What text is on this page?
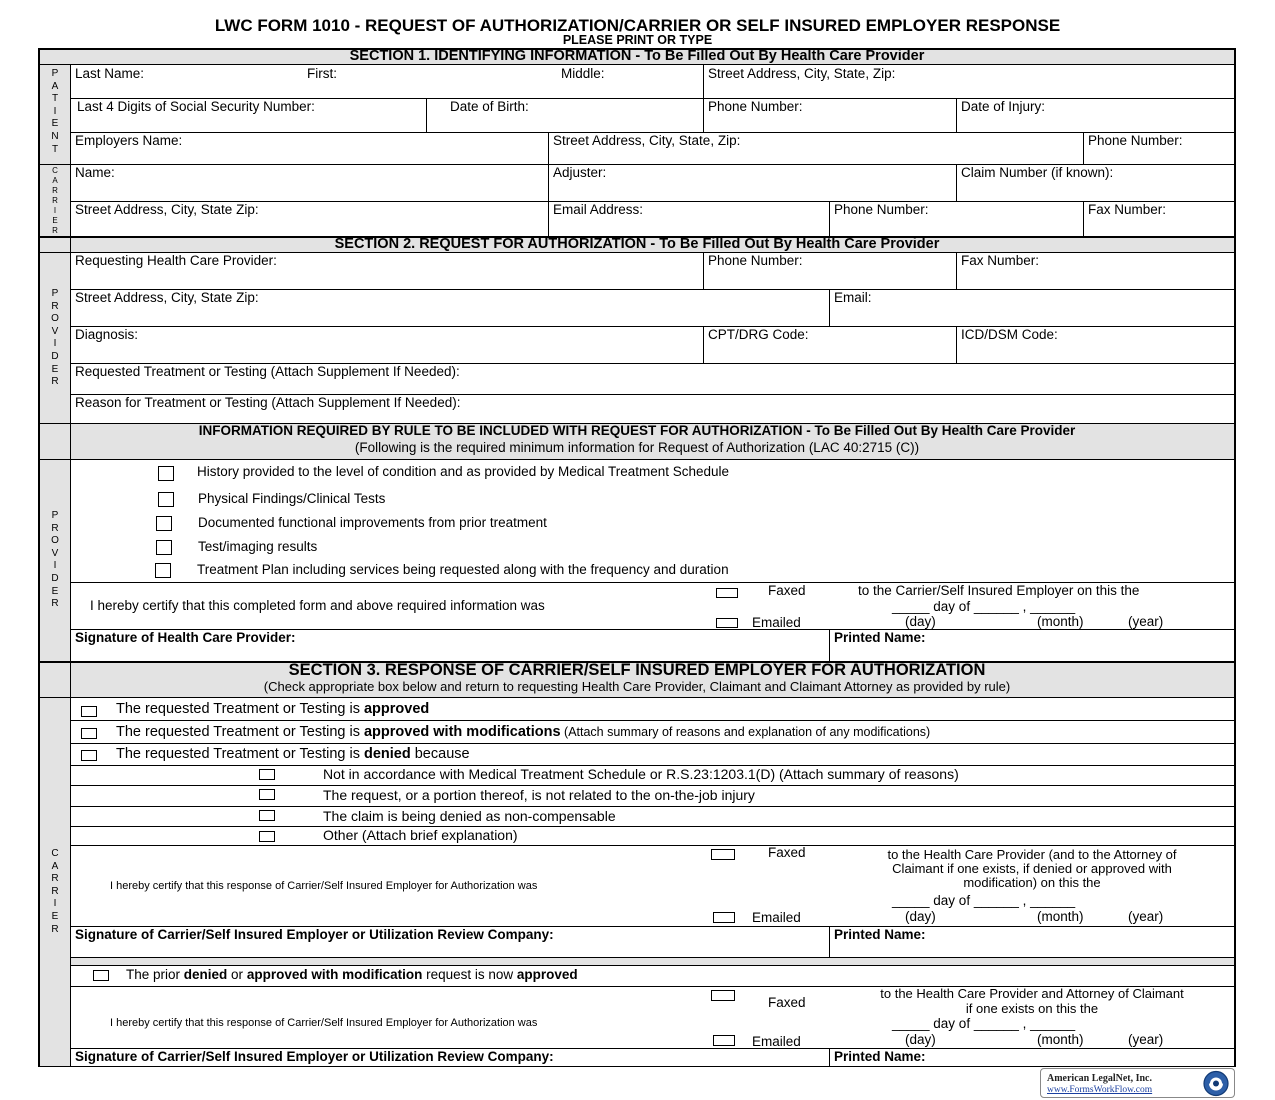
LWC FORM 1010 - REQUEST OF AUTHORIZATION/CARRIER OR SELF INSURED EMPLOYER RESPONSE
PLEASE PRINT OR TYPE
SECTION 1. IDENTIFYING INFORMATION - To Be Filled Out By Health Care Provider
PATIENT
CARRIER
Last Name:	First:	Middle:	Street Address, City, State, Zip:
Last 4 Digits of Social Security Number:	Date of Birth:	Phone Number:	Date of Injury:
Employers Name:	Street Address, City, State, Zip:	Phone Number:
Name:	Adjuster:	Claim Number (if known):
Street Address, City, State Zip:	Email Address:	Phone Number:	Fax Number:
SECTION 2. REQUEST FOR AUTHORIZATION - To Be Filled Out By Health Care Provider
PROVIDER
Requesting Health Care Provider:	Phone Number:	Fax Number:
Street Address, City, State Zip:	Email:
Diagnosis:	CPT/DRG Code:	ICD/DSM Code:
Requested Treatment or Testing (Attach Supplement If Needed):
Reason for Treatment or Testing (Attach Supplement If Needed):
INFORMATION REQUIRED BY RULE TO BE INCLUDED WITH REQUEST FOR AUTHORIZATION - To Be Filled Out By Health Care Provider
(Following is the required minimum information for Request of Authorization (LAC 40:2715 (C))
PROVIDER
History provided to the level of condition and as provided by Medical Treatment Schedule
Physical Findings/Clinical Tests
Documented functional improvements from prior treatment
Test/imaging results
Treatment Plan including services being requested along with the frequency and duration
I hereby certify that this completed form and above required information was
Faxed
Emailed
to the Carrier/Self Insured Employer on this the
_____ day of ______ , ______
(day)	(month)	(year)
Signature of Health Care Provider:	Printed Name:
SECTION 3. RESPONSE OF CARRIER/SELF INSURED EMPLOYER FOR AUTHORIZATION
(Check appropriate box below and return to requesting Health Care Provider, Claimant and Claimant Attorney as provided by rule)
CARRIER
The requested Treatment or Testing is approved
The requested Treatment or Testing is approved with modifications (Attach summary of reasons and explanation of any modifications)
The requested Treatment or Testing is denied because
Not in accordance with Medical Treatment Schedule or R.S.23:1203.1(D) (Attach summary of reasons)
The request, or a portion thereof, is not related to the on-the-job injury
The claim is being denied as non-compensable
Other (Attach brief explanation)
I hereby certify that this response of Carrier/Self Insured Employer for Authorization was
Faxed
Emailed
to the Health Care Provider (and to the Attorney of
Claimant if one exists, if denied or approved with
modification) on this the
_____ day of ______ , ______
(day)	(month)	(year)
Signature of Carrier/Self Insured Employer or Utilization Review Company:	Printed Name:
The prior denied or approved with modification request is now approved
I hereby certify that this response of Carrier/Self Insured Employer for Authorization was
Faxed
Emailed
to the Health Care Provider and Attorney of Claimant
if one exists on this the
_____ day of ______ , ______
(day)	(month)	(year)
Signature of Carrier/Self Insured Employer or Utilization Review Company:	Printed Name:
American LegalNet, Inc.
www.FormsWorkFlow.com
